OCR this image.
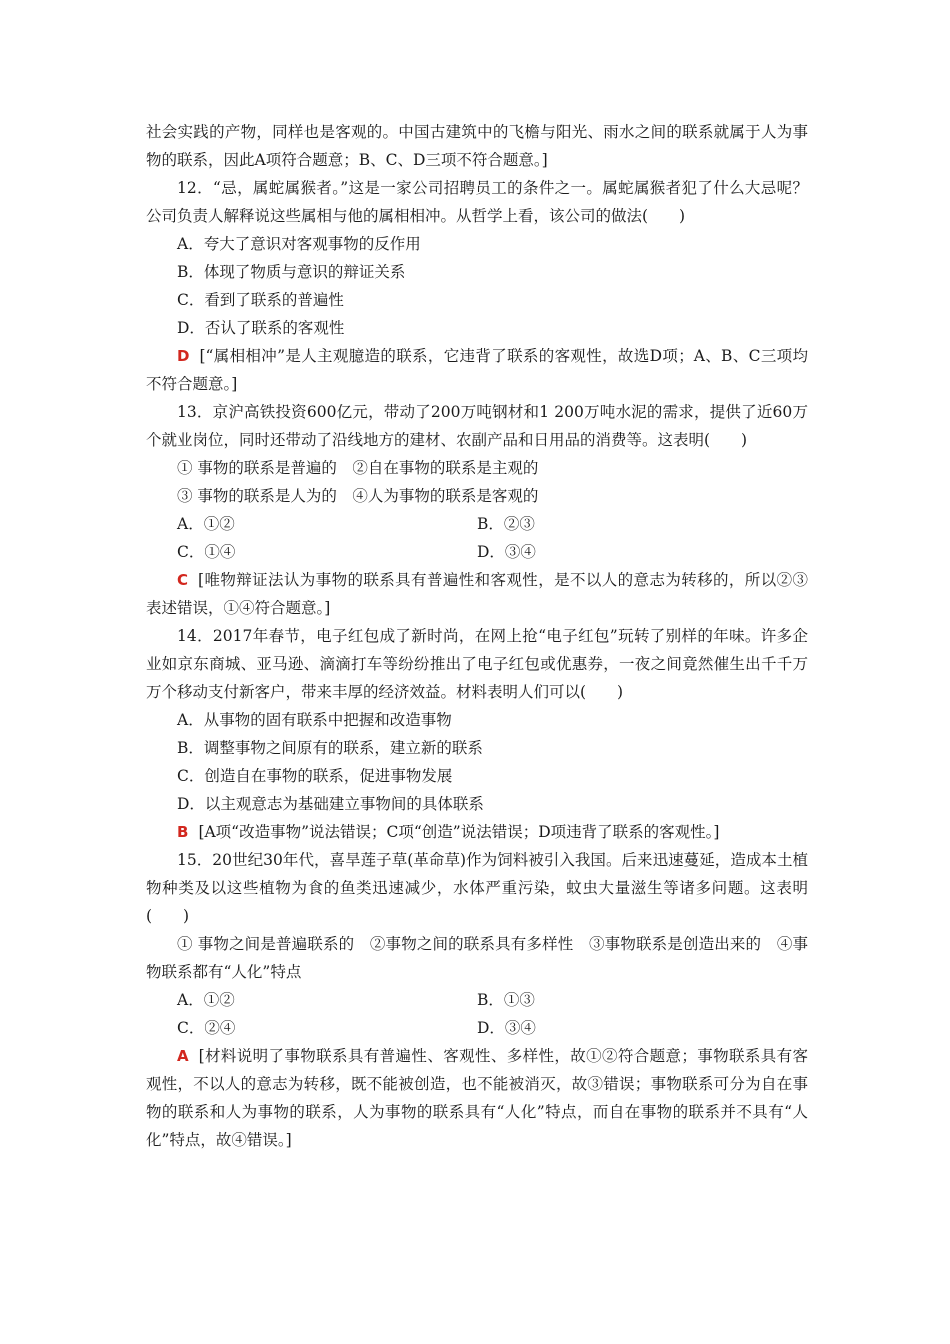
社会实践的产物，同样也是客观的。中国古建筑中的飞檐与阳光、雨水之间的联系就属于人为事物的联系，因此A项符合题意；B、C、D三项不符合题意。]

12．“忌，属蛇属猴者。”这是一家公司招聘员工的条件之一。属蛇属猴者犯了什么大忌呢？公司负责人解释说这些属相与他的属相相冲。从哲学上看，该公司的做法(　　)

A．夸大了意识对客观事物的反作用

B．体现了物质与意识的辩证关系

C．看到了联系的普遍性

D．否认了联系的客观性

D [“属相相冲”是人主观臆造的联系，它违背了联系的客观性，故选D项；A、B、C三项均不符合题意。]

13．京沪高铁投资600亿元，带动了200万吨钢材和1 200万吨水泥的需求，提供了近60万个就业岗位，同时还带动了沿线地方的建材、农副产品和日用品的消费等。这表明(　　)

① 事物的联系是普遍的　②自在事物的联系是主观的

③ 事物的联系是人为的　④人为事物的联系是客观的

A．①②	B．②③
C．①④	D．③④

C [唯物辩证法认为事物的联系具有普遍性和客观性，是不以人的意志为转移的，所以②③表述错误，①④符合题意。]

14．2017年春节，电子红包成了新时尚，在网上抢“电子红包”玩转了别样的年味。许多企业如京东商城、亚马逊、滴滴打车等纷纷推出了电子红包或优惠券，一夜之间竟然催生出千千万万个移动支付新客户，带来丰厚的经济效益。材料表明人们可以(　　)

A．从事物的固有联系中把握和改造事物

B．调整事物之间原有的联系，建立新的联系

C．创造自在事物的联系，促进事物发展

D．以主观意志为基础建立事物间的具体联系

B [A项“改造事物”说法错误；C项“创造”说法错误；D项违背了联系的客观性。]

15．20世纪30年代，喜旱莲子草(革命草)作为饲料被引入我国。后来迅速蔓延，造成本土植物种类及以这些植物为食的鱼类迅速减少，水体严重污染，蚊虫大量滋生等诸多问题。这表明(　　)

① 事物之间是普遍联系的　②事物之间的联系具有多样性　③事物联系是创造出来的　④事物联系都有“人化”特点

A．①②	B．①③
C．②④	D．③④

A [材料说明了事物联系具有普遍性、客观性、多样性，故①②符合题意；事物联系具有客观性，不以人的意志为转移，既不能被创造，也不能被消灭，故③错误；事物联系可分为自在事物的联系和人为事物的联系，人为事物的联系具有“人化”特点，而自在事物的联系并不具有“人化”特点，故④错误。]
